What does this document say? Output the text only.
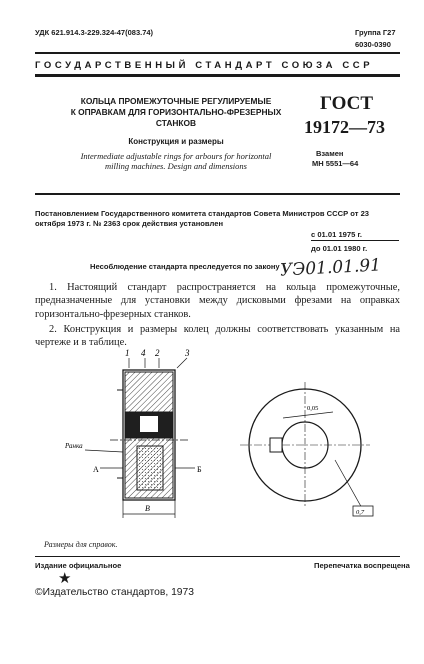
УДК 621.914.3-229.324-47(083.74)	Группа Г27
6030-0390
ГОСУДАРСТВЕННЫЙ СТАНДАРТ СОЮЗА ССР
КОЛЬЦА ПРОМЕЖУТОЧНЫЕ РЕГУЛИРУЕМЫЕ
К ОПРАВКАМ ДЛЯ ГОРИЗОНТАЛЬНО-ФРЕЗЕРНЫХ
СТАНКОВ
Конструкция и размеры
Intermediate adjustable rings for arbours for horizontal
milling machines. Design and dimensions
ГОСТ
19172—73
Взамен
МН 5551—64
Постановлением Государственного комитета стандартов Совета Министров СССР от 23 октября 1973 г. № 2363 срок действия установлен
с 01.01 1975 г.
до 01.01 1980 г.
Несоблюдение стандарта преследуется по закону УЭ01.01.91
1. Настоящий стандарт распространяется на кольца промежуточные, предназначенные для установки между дисковыми фрезами на оправках горизонтально-фрезерных станков.
2. Конструкция и размеры колец должны соответствовать указанным на чертеже и в таблице.
1 4 2	3
А	Б
В
Ранка
0,05
0,7
Размеры для справок.
Издание официальное	Перепечатка воспрещена
★
©Издательство стандартов, 1973
